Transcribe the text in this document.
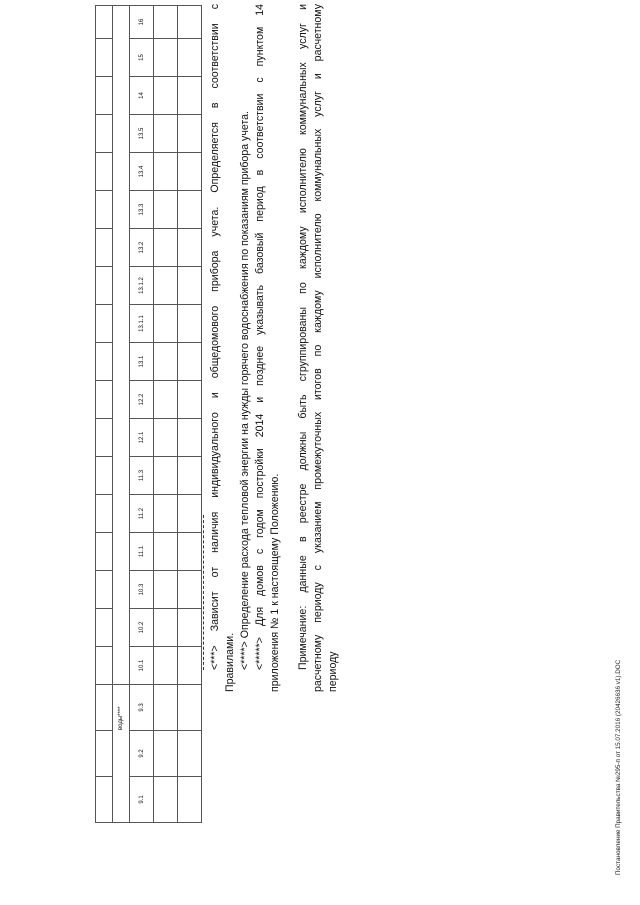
воды****																				
9.1	9.2	9.3	10.1	10.2	10.3	11.1	11.2	11.3	12.1	12.2	13.1	13.1.1	13.1.2	13.2	13.3	13.4	13.5	14	15	16

																					<***> Зависит от наличия индивидуального и общедомового прибора учета. Определяется в соответствии с Правилами. <****> Определение расхода тепловой энергии на нужды горячего водоснабжения по показаниям прибора учета. <*****> Для домов с годом постройки 2014 и позднее указывать базовый период в соответствии с пунктом 14 приложения № 1 к настоящему Положению. Примечание: данные в реестре должны быть сгруппированы по каждому исполнителю коммунальных услуг и расчетному периоду с указанием промежуточных итогов по каждому исполнителю коммунальных услуг и расчетному периоду	Постановление Правительства №295-п от 15.07.2016 (20426636 v1).DOC
